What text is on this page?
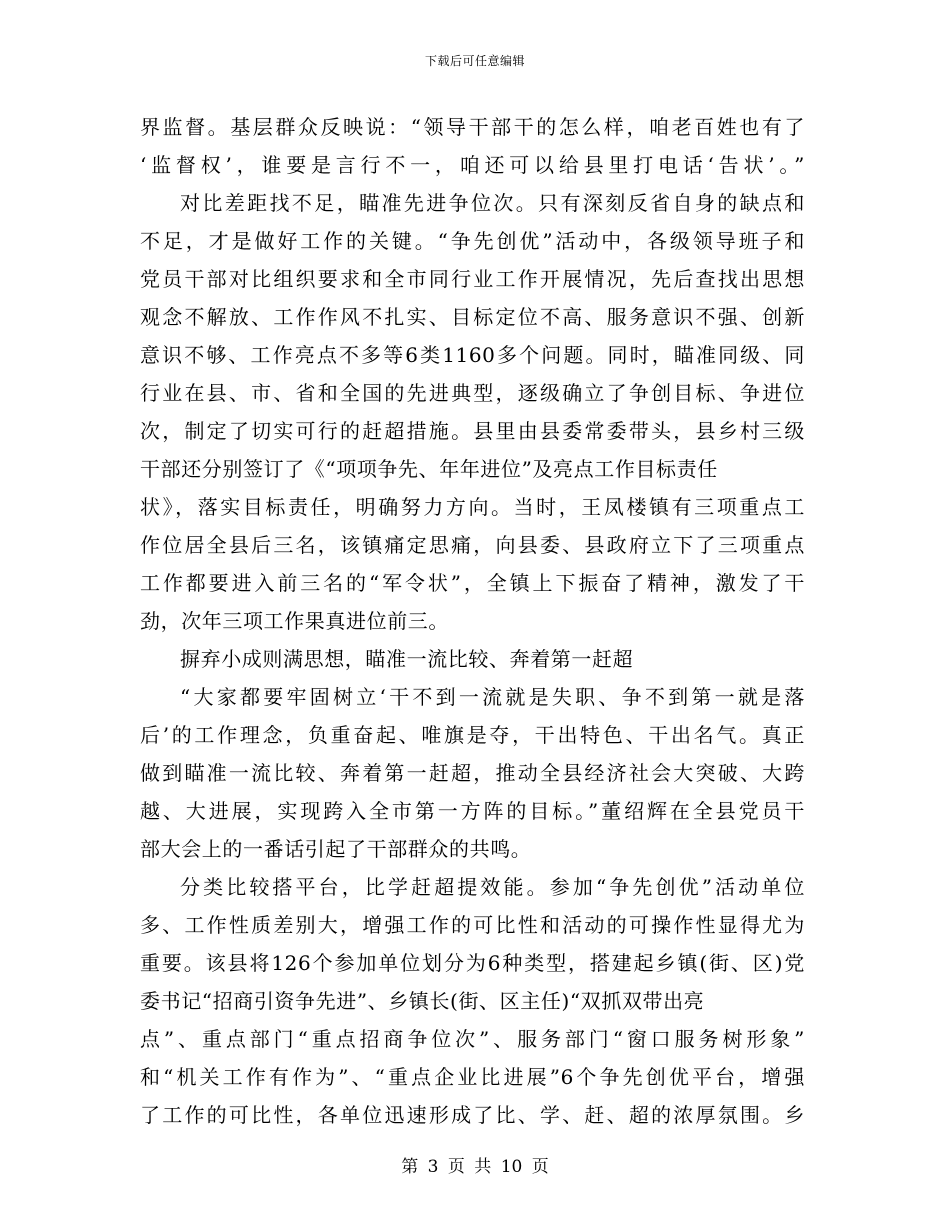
下载后可任意编辑
界监督。基层群众反映说：“领导干部干的怎么样，咱老百姓也有了
‘监督权’，谁要是言行不一，咱还可以给县里打电话‘告状’。”
对比差距找不足，瞄准先进争位次。只有深刻反省自身的缺点和
不足，才是做好工作的关键。“争先创优”活动中，各级领导班子和
党员干部对比组织要求和全市同行业工作开展情况，先后查找出思想
观念不解放、工作作风不扎实、目标定位不高、服务意识不强、创新
意识不够、工作亮点不多等6类1160多个问题。同时，瞄准同级、同
行业在县、市、省和全国的先进典型，逐级确立了争创目标、争进位
次，制定了切实可行的赶超措施。县里由县委常委带头，县乡村三级
干部还分别签订了《“项项争先、年年进位”及亮点工作目标责任
状》，落实目标责任，明确努力方向。当时，王凤楼镇有三项重点工
作位居全县后三名，该镇痛定思痛，向县委、县政府立下了三项重点
工作都要进入前三名的“军令状”，全镇上下振奋了精神，激发了干
劲，次年三项工作果真进位前三。
摒弃小成则满思想，瞄准一流比较、奔着第一赶超
“大家都要牢固树立‘干不到一流就是失职、争不到第一就是落
后’的工作理念，负重奋起、唯旗是夺，干出特色、干出名气。真正
做到瞄准一流比较、奔着第一赶超，推动全县经济社会大突破、大跨
越、大进展，实现跨入全市第一方阵的目标。”董绍辉在全县党员干
部大会上的一番话引起了干部群众的共鸣。
分类比较搭平台，比学赶超提效能。参加“争先创优”活动单位
多、工作性质差别大，增强工作的可比性和活动的可操作性显得尤为
重要。该县将126个参加单位划分为6种类型，搭建起乡镇(街、区)党
委书记“招商引资争先进”、乡镇长(街、区主任)“双抓双带出亮
点”、重点部门“重点招商争位次”、服务部门“窗口服务树形象”
和“机关工作有作为”、“重点企业比进展”6个争先创优平台，增强
了工作的可比性，各单位迅速形成了比、学、赶、超的浓厚氛围。乡
第 3 页 共 10 页
